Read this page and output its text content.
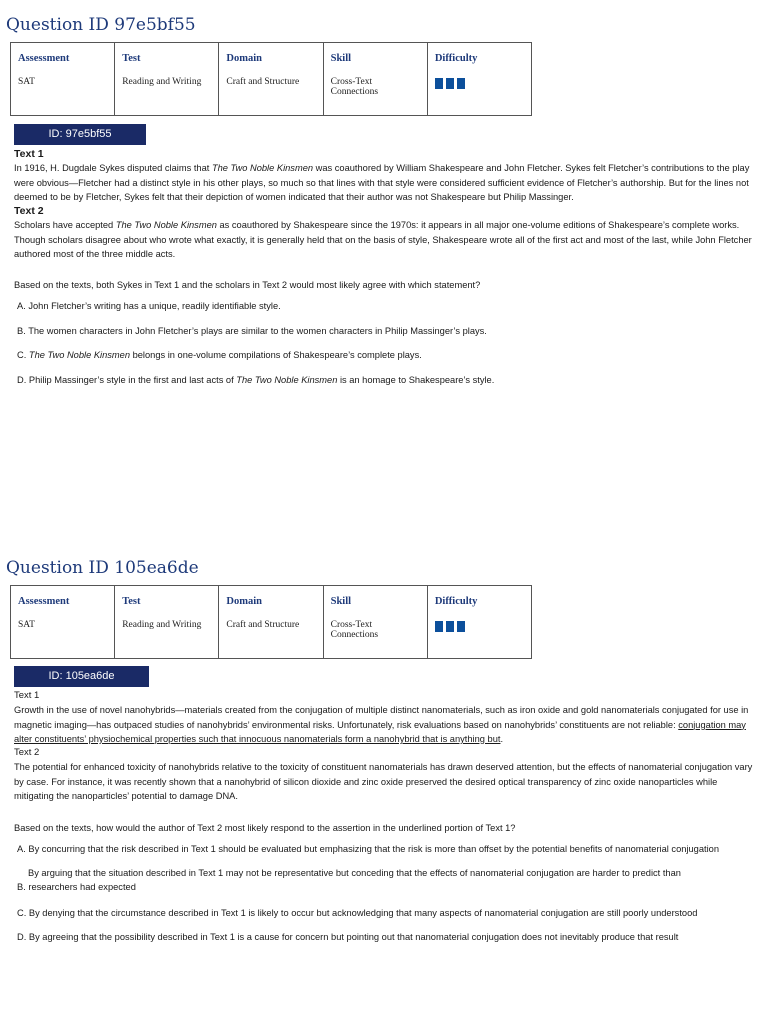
Question ID 97e5bf55
Assessment
SAT
Test
Reading and Writing
Domain
Craft and Structure
Skill
Cross-Text Connections
Difficulty
ID: 97e5bf55
Text 1
In 1916, H. Dugdale Sykes disputed claims that The Two Noble Kinsmen was coauthored by William Shakespeare and John Fletcher. Sykes felt Fletcher’s contributions to the play were obvious—Fletcher had a distinct style in his other plays, so much so that lines with that style were considered sufficient evidence of Fletcher’s authorship. But for the lines not deemed to be by Fletcher, Sykes felt that their depiction of women indicated that their author was not Shakespeare but Philip Massinger.
Text 2
Scholars have accepted The Two Noble Kinsmen as coauthored by Shakespeare since the 1970s: it appears in all major one-volume editions of Shakespeare’s complete works. Though scholars disagree about who wrote what exactly, it is generally held that on the basis of style, Shakespeare wrote all of the first act and most of the last, while John Fletcher authored most of the three middle acts.
Based on the texts, both Sykes in Text 1 and the scholars in Text 2 would most likely agree with which statement?
A. John Fletcher’s writing has a unique, readily identifiable style.
B. The women characters in John Fletcher’s plays are similar to the women characters in Philip Massinger’s plays.
C. The Two Noble Kinsmen belongs in one-volume compilations of Shakespeare’s complete plays.
D. Philip Massinger’s style in the first and last acts of The Two Noble Kinsmen is an homage to Shakespeare’s style.
Question ID 105ea6de
Assessment
SAT
Test
Reading and Writing
Domain
Craft and Structure
Skill
Cross-Text Connections
Difficulty
ID: 105ea6de
Text 1
Growth in the use of novel nanohybrids—materials created from the conjugation of multiple distinct nanomaterials, such as iron oxide and gold nanomaterials conjugated for use in magnetic imaging—has outpaced studies of nanohybrids’ environmental risks. Unfortunately, risk evaluations based on nanohybrids’ constituents are not reliable: conjugation may alter constituents’ physiochemical properties such that innocuous nanomaterials form a nanohybrid that is anything but.
Text 2
The potential for enhanced toxicity of nanohybrids relative to the toxicity of constituent nanomaterials has drawn deserved attention, but the effects of nanomaterial conjugation vary by case. For instance, it was recently shown that a nanohybrid of silicon dioxide and zinc oxide preserved the desired optical transparency of zinc oxide nanoparticles while mitigating the nanoparticles’ potential to damage DNA.
Based on the texts, how would the author of Text 2 most likely respond to the assertion in the underlined portion of Text 1?
A. By concurring that the risk described in Text 1 should be evaluated but emphasizing that the risk is more than offset by the potential benefits of nanomaterial conjugation
By arguing that the situation described in Text 1 may not be representative but conceding that the effects of nanomaterial conjugation are harder to predict than
B. researchers had expected
C. By denying that the circumstance described in Text 1 is likely to occur but acknowledging that many aspects of nanomaterial conjugation are still poorly understood
D. By agreeing that the possibility described in Text 1 is a cause for concern but pointing out that nanomaterial conjugation does not inevitably produce that result
